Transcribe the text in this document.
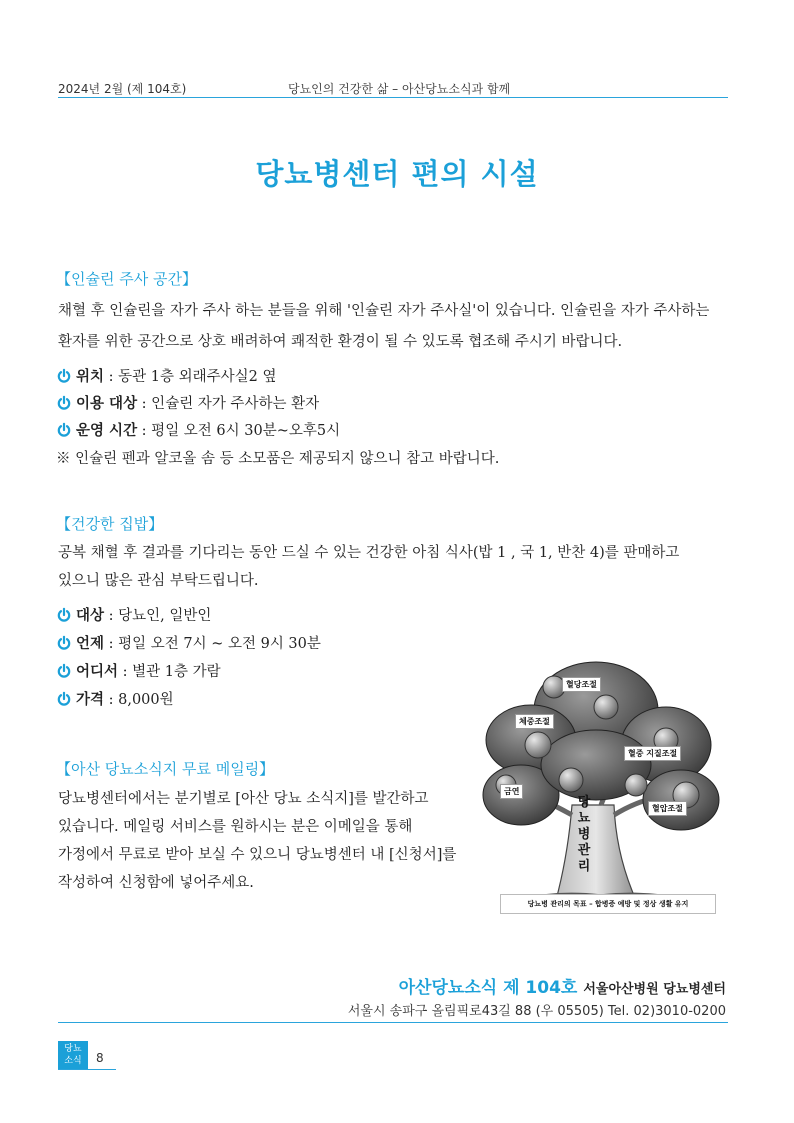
2024년 2월 (제 104호)	당뇨인의 건강한 삶 – 아산당뇨소식과 함께
당뇨병센터 편의 시설
【인슐린 주사 공간】
채혈 후 인슐린을 자가 주사 하는 분들을 위해 '인슐린 자가 주사실'이 있습니다. 인슐린을 자가 주사하는
환자를 위한 공간으로 상호 배려하여 쾌적한 환경이 될 수 있도록 협조해 주시기 바랍니다.
위치 : 동관 1층 외래주사실2 옆
이용 대상 : 인슐린 자가 주사하는 환자
운영 시간 : 평일 오전 6시 30분~오후5시
※ 인슐린 펜과 알코올 솜 등 소모품은 제공되지 않으니 참고 바랍니다.
【건강한 집밥】
공복 채혈 후 결과를 기다리는 동안 드실 수 있는 건강한 아침 식사(밥 1 , 국 1, 반찬 4)를 판매하고
있으니 많은 관심 부탁드립니다.
대상 : 당뇨인, 일반인
언제 : 평일 오전 7시 ~ 오전 9시 30분
어디서 : 별관 1층 가람
가격 : 8,000원
【아산 당뇨소식지 무료 메일링】
당뇨병센터에서는 분기별로 [아산 당뇨 소식지]를 발간하고
있습니다. 메일링 서비스를 원하시는 분은 이메일을 통해
가정에서 무료로 받아 보실 수 있으니 당뇨병센터 내 [신청서]를
작성하여 신청함에 넣어주세요.
혈당조절
체중조절
혈중 지질조절
금연
혈압조절
당뇨병 관리
당뇨병 관리의 목표 – 합병증 예방 및 정상 생활 유지
아산당뇨소식 제 104호 서울아산병원 당뇨병센터
서울시 송파구 올림픽로43길 88 (우 05505) Tel. 02)3010-0200
당뇨
소식	8
